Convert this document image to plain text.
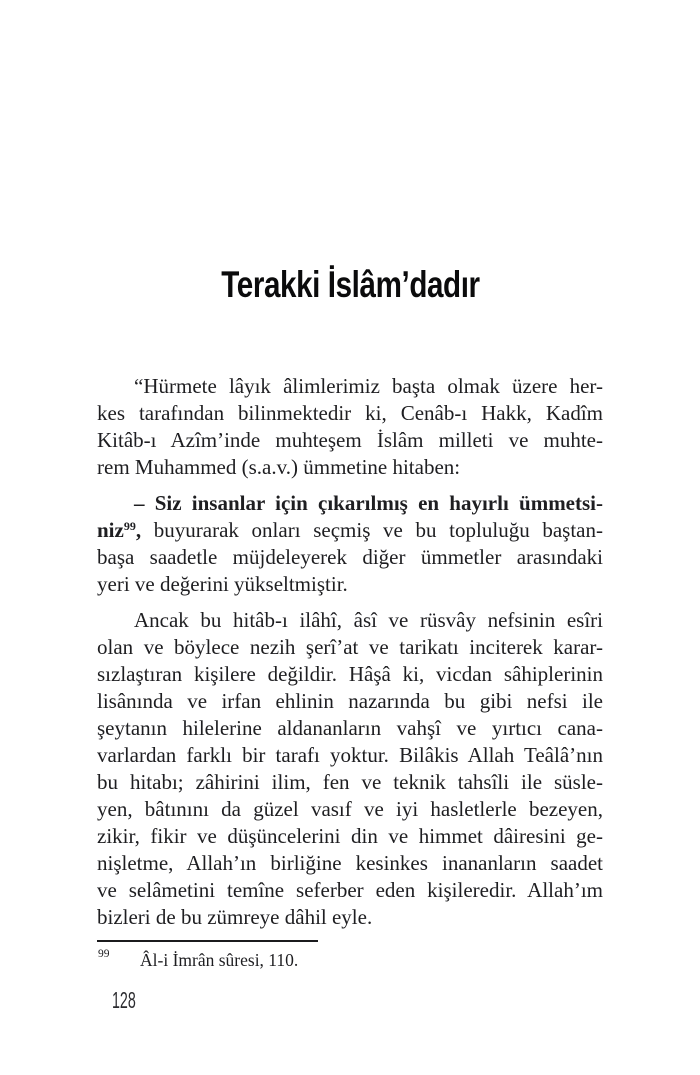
Terakki İslâm’dadır
“Hürmete lâyık âlimlerimiz başta olmak üzere her-
kes tarafından bilinmektedir ki, Cenâb-ı Hakk, Kadîm
Kitâb-ı Azîm’inde muhteşem İslâm milleti ve muhte-
rem Muhammed (s.a.v.) ümmetine hitaben:
– Siz insanlar için çıkarılmış en hayırlı ümmetsi-
niz$^{99}$, buyurarak onları seçmiş ve bu topluluğu baştan-
başa saadetle müjdeleyerek diğer ümmetler arasındaki
yeri ve değerini yükseltmiştir.
Ancak bu hitâb-ı ilâhî, âsî ve rüsvây nefsinin esîri
olan ve böylece nezih şerî’at ve tarikatı inciterek karar-
sızlaştıran kişilere değildir. Hâşâ ki, vicdan sâhiplerinin
lisânında ve irfan ehlinin nazarında bu gibi nefsi ile
şeytanın hilelerine aldananların vahşî ve yırtıcı cana-
varlardan farklı bir tarafı yoktur. Bilâkis Allah Teâlâ’nın
bu hitabı; zâhirini ilim, fen ve teknik tahsîli ile süsle-
yen, bâtınını da güzel vasıf ve iyi hasletlerle bezeyen,
zikir, fikir ve düşüncelerini din ve himmet dâiresini ge-
nişletme, Allah’ın birliğine kesinkes inananların saadet
ve selâmetini temîne seferber eden kişileredir. Allah’ım
bizleri de bu zümreye dâhil eyle.
99 Âl-i İmrân sûresi, 110.
128
